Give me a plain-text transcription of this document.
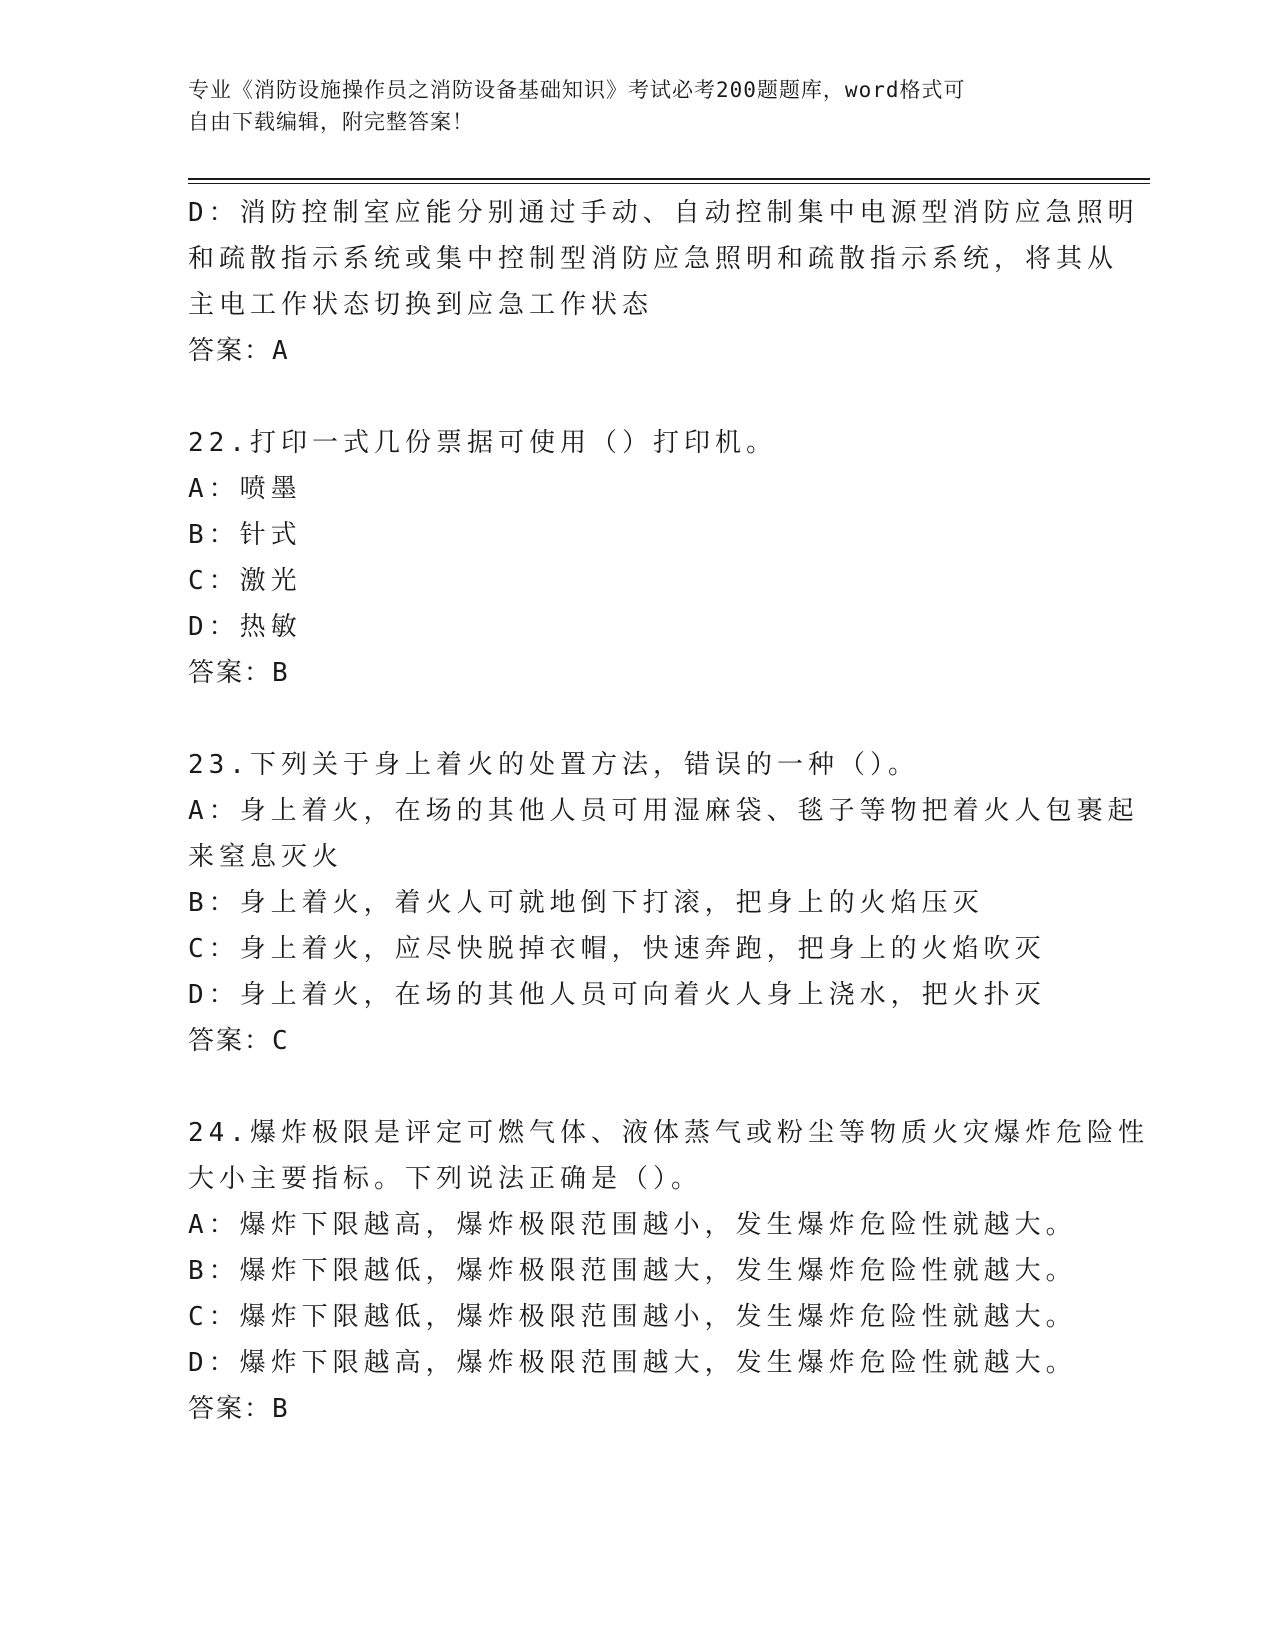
专业《消防设施操作员之消防设备基础知识》考试必考200题题库，word格式可
自由下载编辑，附完整答案！
D：消防控制室应能分别通过手动、自动控制集中电源型消防应急照明
和疏散指示系统或集中控制型消防应急照明和疏散指示系统，将其从
主电工作状态切换到应急工作状态
答案：A
22.打印一式几份票据可使用（）打印机。
A：喷墨
B：针式
C：激光
D：热敏
答案：B
23.下列关于身上着火的处置方法，错误的一种（）。
A：身上着火，在场的其他人员可用湿麻袋、毯子等物把着火人包裹起
来窒息灭火
B：身上着火，着火人可就地倒下打滚，把身上的火焰压灭
C：身上着火，应尽快脱掉衣帽，快速奔跑，把身上的火焰吹灭
D：身上着火，在场的其他人员可向着火人身上浇水，把火扑灭
答案：C
24.爆炸极限是评定可燃气体、液体蒸气或粉尘等物质火灾爆炸危险性
大小主要指标。下列说法正确是（）。
A：爆炸下限越高，爆炸极限范围越小，发生爆炸危险性就越大。
B：爆炸下限越低，爆炸极限范围越大，发生爆炸危险性就越大。
C：爆炸下限越低，爆炸极限范围越小，发生爆炸危险性就越大。
D：爆炸下限越高，爆炸极限范围越大，发生爆炸危险性就越大。
答案：B
